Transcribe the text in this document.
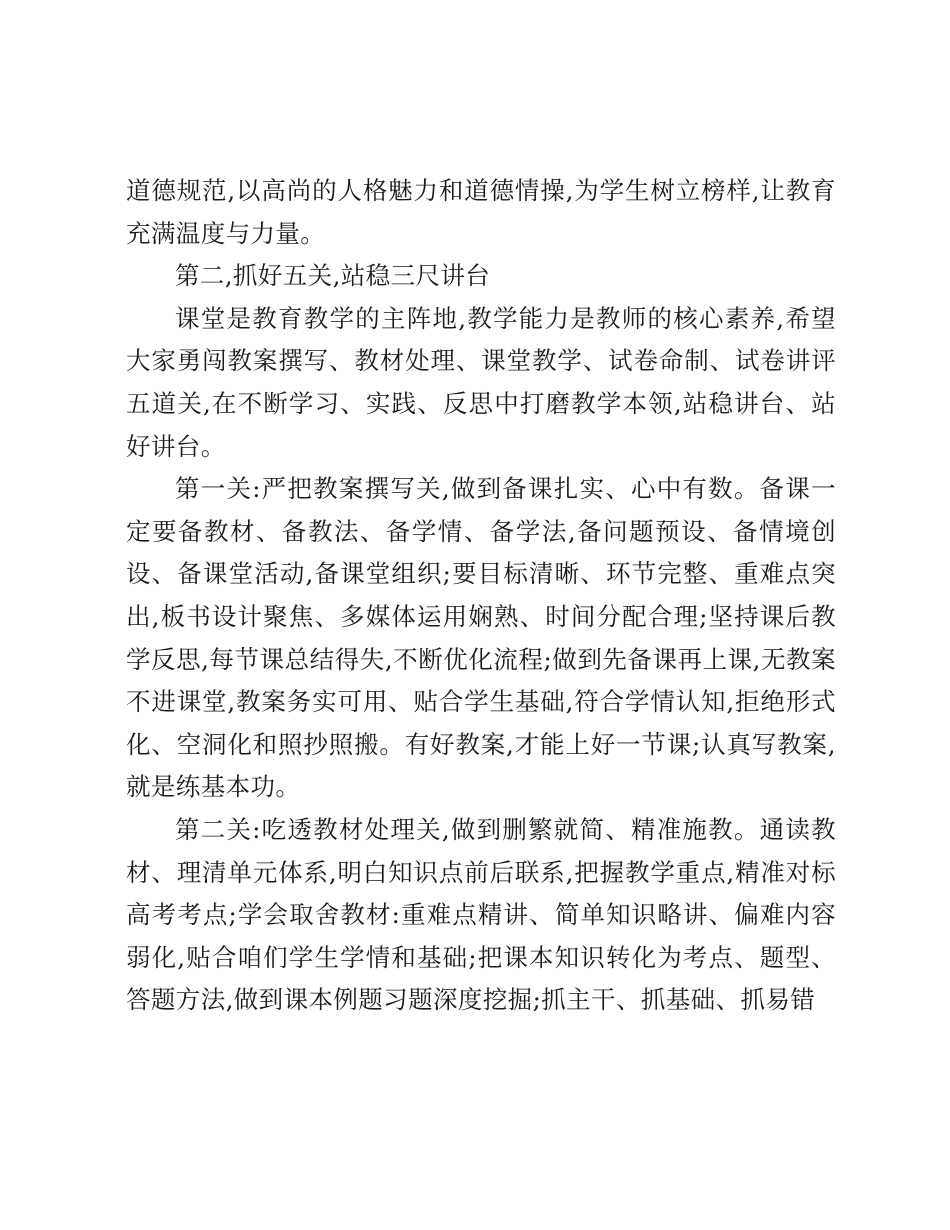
道德规范,以高尚的人格魅力和道德情操,为学生树立榜样,让教育充满温度与力量。

第二,抓好五关,站稳三尺讲台

课堂是教育教学的主阵地,教学能力是教师的核心素养,希望大家勇闯教案撰写、教材处理、课堂教学、试卷命制、试卷讲评五道关,在不断学习、实践、反思中打磨教学本领,站稳讲台、站好讲台。

第一关:严把教案撰写关,做到备课扎实、心中有数。备课一定要备教材、备教法、备学情、备学法,备问题预设、备情境创设、备课堂活动,备课堂组织;要目标清晰、环节完整、重难点突出,板书设计聚焦、多媒体运用娴熟、时间分配合理;坚持课后教学反思,每节课总结得失,不断优化流程;做到先备课再上课,无教案不进课堂,教案务实可用、贴合学生基础,符合学情认知,拒绝形式化、空洞化和照抄照搬。有好教案,才能上好一节课;认真写教案,就是练基本功。

第二关:吃透教材处理关,做到删繁就简、精准施教。通读教材、理清单元体系,明白知识点前后联系,把握教学重点,精准对标高考考点;学会取舍教材:重难点精讲、简单知识略讲、偏难内容弱化,贴合咱们学生学情和基础;把课本知识转化为考点、题型、答题方法,做到课本例题习题深度挖掘;抓主干、抓基础、抓易错
